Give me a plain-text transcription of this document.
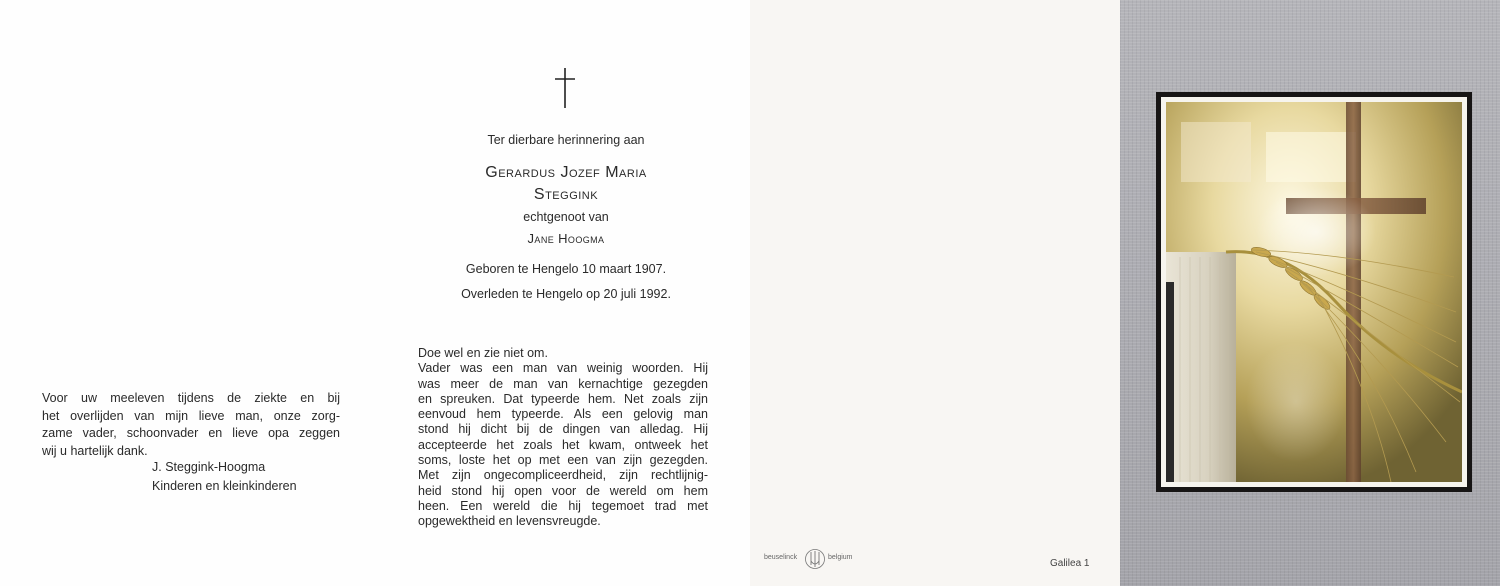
Voor uw meeleven tijdens de ziekte en bij
het overlijden van mijn lieve man, onze zorg-
zame vader, schoonvader en lieve opa zeggen
wij u hartelijk dank.
J. Steggink-Hoogma
Kinderen en kleinkinderen
Ter dierbare herinnering aan
Gerardus Jozef Maria
Steggink
echtgenoot van
Jane Hoogma
Geboren te Hengelo 10 maart 1907.
Overleden te Hengelo op 20 juli 1992.
Doe wel en zie niet om.
Vader was een man van weinig woorden. Hij
was meer de man van kernachtige gezegden
en spreuken. Dat typeerde hem. Net zoals zijn
eenvoud hem typeerde. Als een gelovig man
stond hij dicht bij de dingen van alledag. Hij
accepteerde het zoals het kwam, ontweek het
soms, loste het op met een van zijn gezegden.
Met zijn ongecompliceerdheid, zijn rechtlijnig-
heid stond hij open voor de wereld om hem
heen. Een wereld die hij tegemoet trad met
opgewektheid en levensvreugde.
beuselinck	belgium
Galilea 1
